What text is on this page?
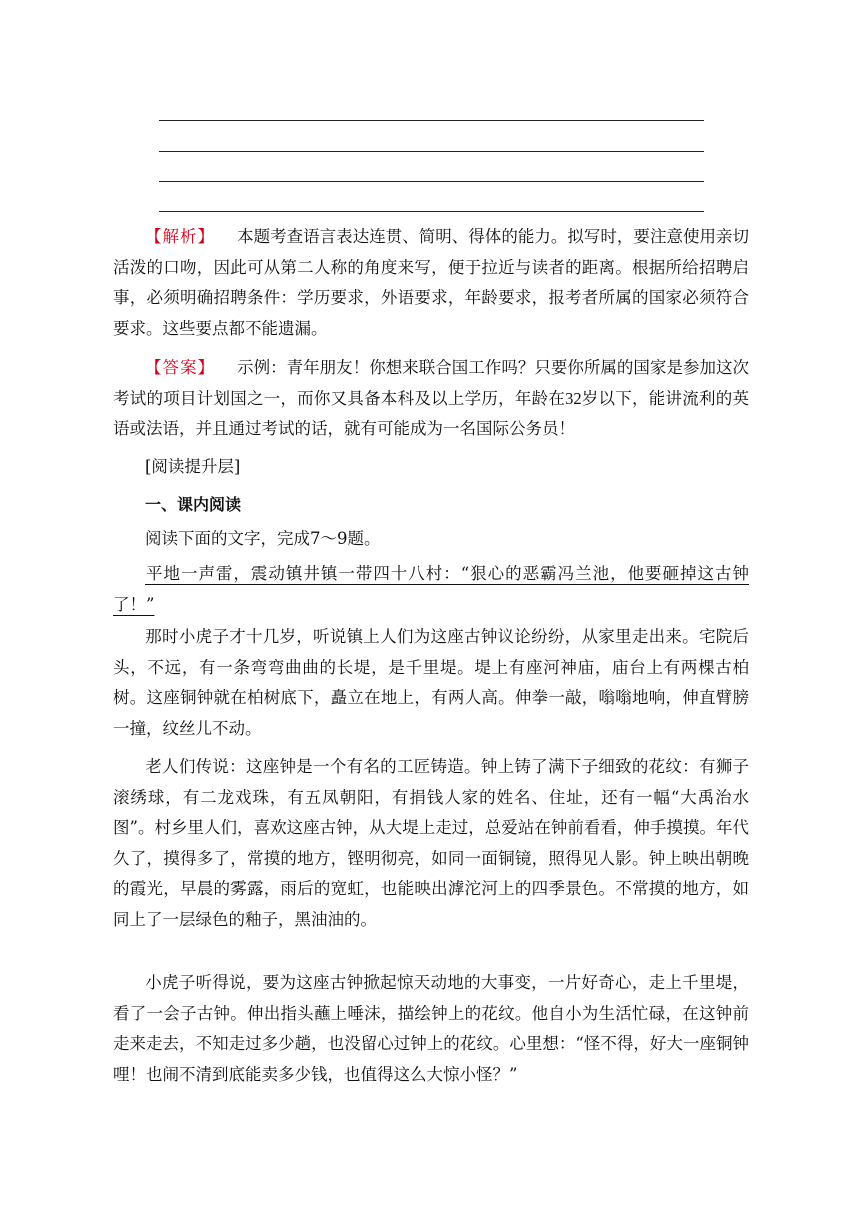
【解析】 本题考查语言表达连贯、简明、得体的能力。拟写时，要注意使用亲切活泼的口吻，因此可从第二人称的角度来写，便于拉近与读者的距离。根据所给招聘启事，必须明确招聘条件：学历要求，外语要求，年龄要求，报考者所属的国家必须符合要求。这些要点都不能遗漏。

【答案】 示例：青年朋友！你想来联合国工作吗？只要你所属的国家是参加这次考试的项目计划国之一，而你又具备本科及以上学历，年龄在32岁以下，能讲流利的英语或法语，并且通过考试的话，就有可能成为一名国际公务员！

[阅读提升层]

一、课内阅读

阅读下面的文字，完成7～9题。

平地一声雷，震动镇井镇一带四十八村：“狠心的恶霸冯兰池，他要砸掉这古钟了！”

那时小虎子才十几岁，听说镇上人们为这座古钟议论纷纷，从家里走出来。宅院后头，不远，有一条弯弯曲曲的长堤，是千里堤。堤上有座河神庙，庙台上有两棵古柏树。这座铜钟就在柏树底下，矗立在地上，有两人高。伸拳一敲，嗡嗡地响，伸直臂膀一撞，纹丝儿不动。

老人们传说：这座钟是一个有名的工匠铸造。钟上铸了满下子细致的花纹：有狮子滚绣球，有二龙戏珠，有五凤朝阳，有捐钱人家的姓名、住址，还有一幅“大禹治水图”。村乡里人们，喜欢这座古钟，从大堤上走过，总爱站在钟前看看，伸手摸摸。年代久了，摸得多了，常摸的地方，铿明彻亮，如同一面铜镜，照得见人影。钟上映出朝晚的霞光，早晨的雾露，雨后的宽虹，也能映出滹沱河上的四季景色。不常摸的地方，如同上了一层绿色的釉子，黑油油的。

小虎子听得说，要为这座古钟掀起惊天动地的大事变，一片好奇心，走上千里堤，看了一会子古钟。伸出指头蘸上唾沫，描绘钟上的花纹。他自小为生活忙碌，在这钟前走来走去，不知走过多少趟，也没留心过钟上的花纹。心里想：“怪不得，好大一座铜钟哩！也闹不清到底能卖多少钱，也值得这么大惊小怪？”
